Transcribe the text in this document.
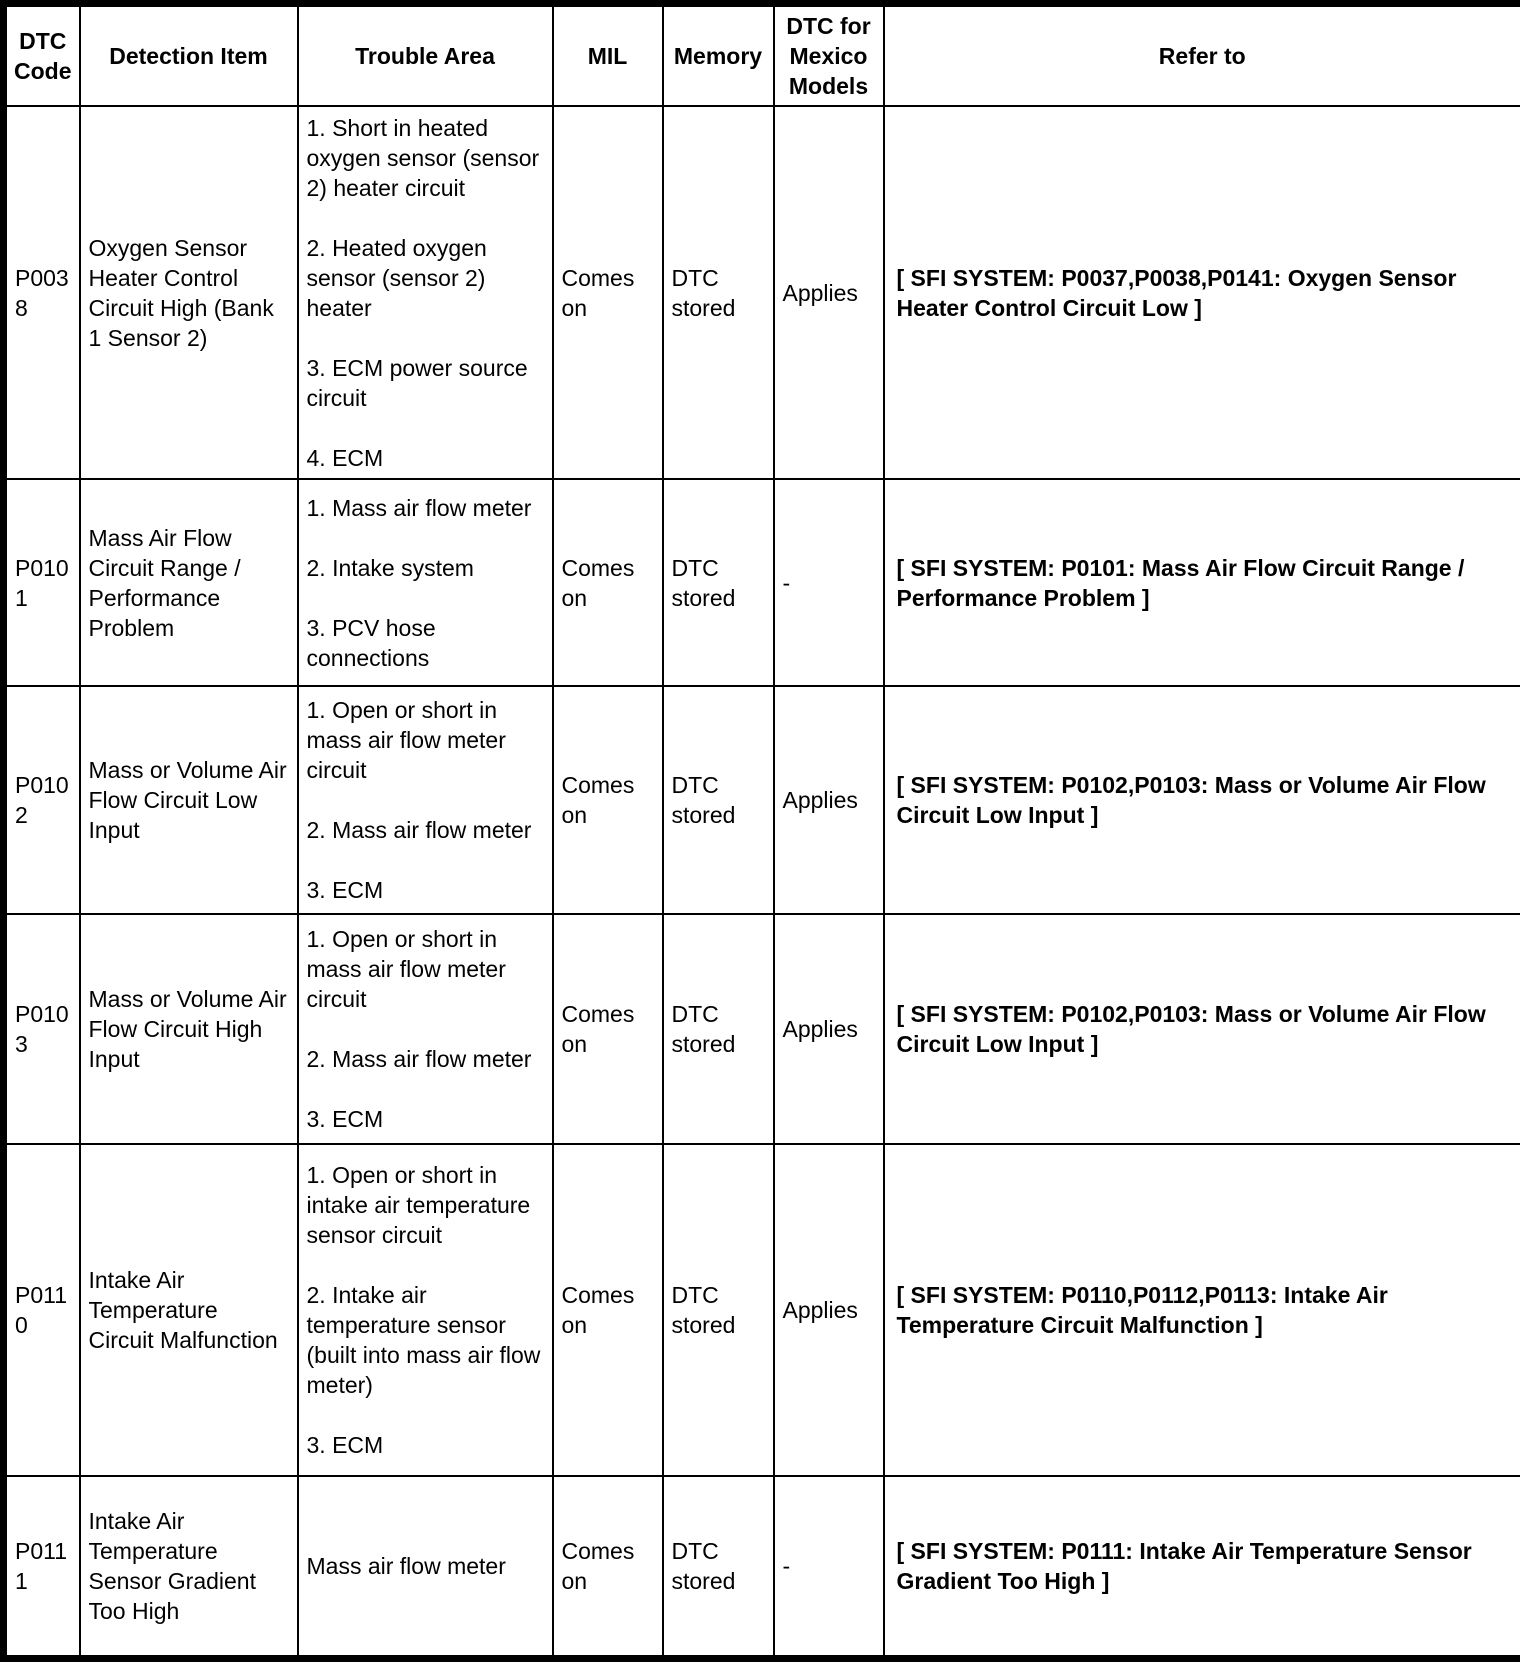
DTC Code	Detection Item	Trouble Area	MIL	Memory	DTC for Mexico Models	Refer to
P0038	Oxygen Sensor Heater Control Circuit High (Bank 1 Sensor 2)	1. Short in heated oxygen sensor (sensor 2) heater circuit

2. Heated oxygen sensor (sensor 2) heater

3. ECM power source circuit

4. ECM	Comes on	DTC stored	Applies	[ SFI SYSTEM: P0037,P0038,P0141: Oxygen Sensor Heater Control Circuit Low ]
P0101	Mass Air Flow Circuit Range / Performance Problem	1. Mass air flow meter

2. Intake system

3. PCV hose connections	Comes on	DTC stored	-	[ SFI SYSTEM: P0101: Mass Air Flow Circuit Range / Performance Problem ]
P0102	Mass or Volume Air Flow Circuit Low Input	1. Open or short in mass air flow meter circuit

2. Mass air flow meter

3. ECM	Comes on	DTC stored	Applies	[ SFI SYSTEM: P0102,P0103: Mass or Volume Air Flow Circuit Low Input ]
P0103	Mass or Volume Air Flow Circuit High Input	1. Open or short in mass air flow meter circuit

2. Mass air flow meter

3. ECM	Comes on	DTC stored	Applies	[ SFI SYSTEM: P0102,P0103: Mass or Volume Air Flow Circuit Low Input ]
P0110	Intake Air Temperature Circuit Malfunction	1. Open or short in intake air temperature sensor circuit

2. Intake air temperature sensor (built into mass air flow meter)

3. ECM	Comes on	DTC stored	Applies	[ SFI SYSTEM: P0110,P0112,P0113: Intake Air Temperature Circuit Malfunction ]
P0111	Intake Air Temperature Sensor Gradient Too High	Mass air flow meter	Comes on	DTC stored	-	[ SFI SYSTEM: P0111: Intake Air Temperature Sensor Gradient Too High ]
